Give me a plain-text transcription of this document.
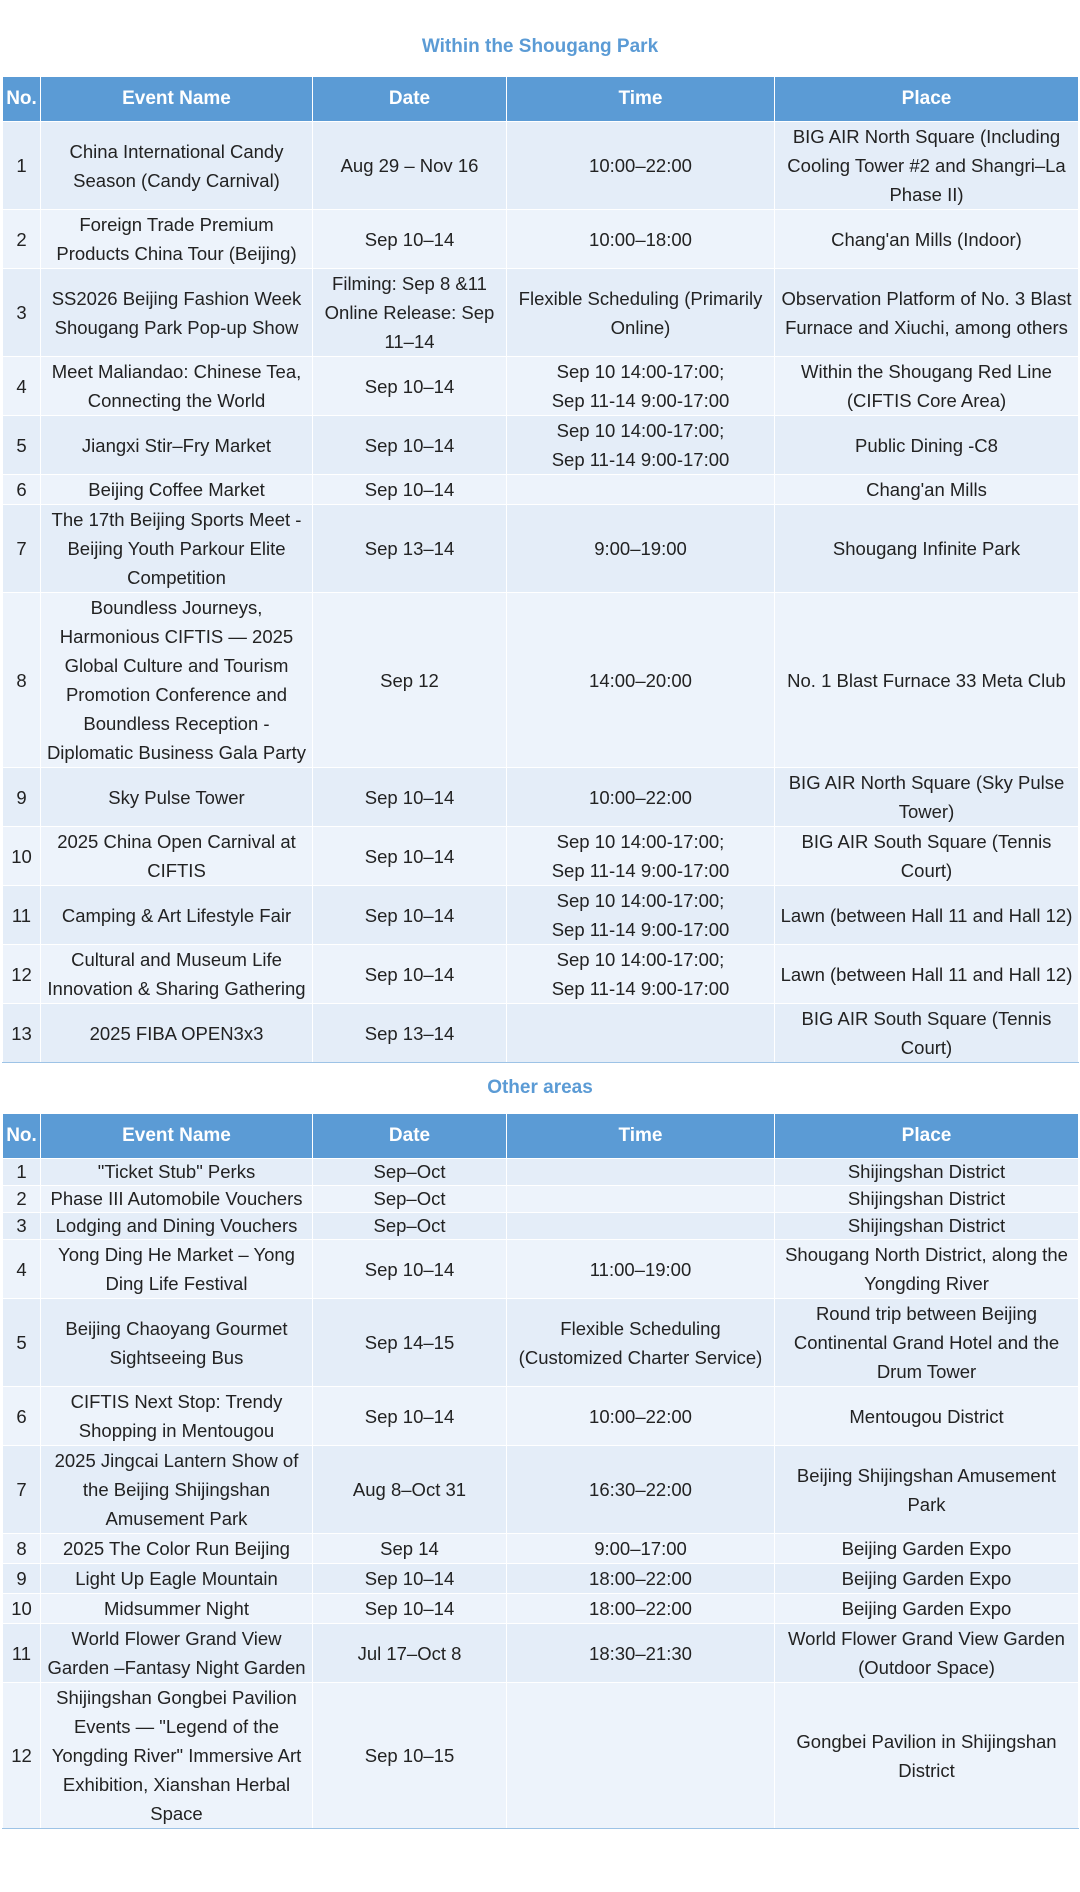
Within the Shougang Park
No.	Event Name	Date	Time	Place
1	China International Candy Season (Candy Carnival)	Aug 29 – Nov 16	10:00–22:00	BIG AIR North Square (Including Cooling Tower #2 and Shangri–La Phase II)
2	Foreign Trade Premium Products China Tour (Beijing)	Sep 10–14	10:00–18:00	Chang'an Mills (Indoor)
3	SS2026 Beijing Fashion Week Shougang Park Pop-up Show	Filming: Sep 8 &11 Online Release: Sep 11–14	Flexible Scheduling (Primarily Online)	Observation Platform of No. 3 Blast Furnace and Xiuchi, among others
4	Meet Maliandao: Chinese Tea, Connecting the World	Sep 10–14	Sep 10 14:00-17:00;
Sep 11-14 9:00-17:00	Within the Shougang Red Line (CIFTIS Core Area)
5	Jiangxi Stir–Fry Market	Sep 10–14	Sep 10 14:00-17:00;
Sep 11-14 9:00-17:00	Public Dining -C8
6	Beijing Coffee Market	Sep 10–14		Chang'an Mills
7	The 17th Beijing Sports Meet - Beijing Youth Parkour Elite Competition	Sep 13–14	9:00–19:00	Shougang Infinite Park
8	Boundless Journeys, Harmonious CIFTIS — 2025 Global Culture and Tourism Promotion Conference and Boundless Reception - Diplomatic Business Gala Party	Sep 12	14:00–20:00	No. 1 Blast Furnace 33 Meta Club
9	Sky Pulse Tower	Sep 10–14	10:00–22:00	BIG AIR North Square (Sky Pulse Tower)
10	2025 China Open Carnival at CIFTIS	Sep 10–14	Sep 10 14:00-17:00;
Sep 11-14 9:00-17:00	BIG AIR South Square (Tennis Court)
11	Camping & Art Lifestyle Fair	Sep 10–14	Sep 10 14:00-17:00;
Sep 11-14 9:00-17:00	Lawn (between Hall 11 and Hall 12)
12	Cultural and Museum Life Innovation & Sharing Gathering	Sep 10–14	Sep 10 14:00-17:00;
Sep 11-14 9:00-17:00	Lawn (between Hall 11 and Hall 12)
13	2025 FIBA OPEN3x3	Sep 13–14		BIG AIR South Square (Tennis Court)
Other areas
No.	Event Name	Date	Time	Place
1	"Ticket Stub" Perks	Sep–Oct		Shijingshan District
2	Phase III Automobile Vouchers	Sep–Oct		Shijingshan District
3	Lodging and Dining Vouchers	Sep–Oct		Shijingshan District
4	Yong Ding He Market – Yong Ding Life Festival	Sep 10–14	11:00–19:00	Shougang North District, along the Yongding River
5	Beijing Chaoyang Gourmet Sightseeing Bus	Sep 14–15	Flexible Scheduling (Customized Charter Service)	Round trip between Beijing Continental Grand Hotel and the Drum Tower
6	CIFTIS Next Stop: Trendy Shopping in Mentougou	Sep 10–14	10:00–22:00	Mentougou District
7	2025 Jingcai Lantern Show of the Beijing Shijingshan Amusement Park	Aug 8–Oct 31	16:30–22:00	Beijing Shijingshan Amusement Park
8	2025 The Color Run Beijing	Sep 14	9:00–17:00	Beijing Garden Expo
9	Light Up Eagle Mountain	Sep 10–14	18:00–22:00	Beijing Garden Expo
10	Midsummer Night	Sep 10–14	18:00–22:00	Beijing Garden Expo
11	World Flower Grand View Garden –Fantasy Night Garden	Jul 17–Oct 8	18:30–21:30	World Flower Grand View Garden (Outdoor Space)
12	Shijingshan Gongbei Pavilion Events — "Legend of the Yongding River" Immersive Art Exhibition, Xianshan Herbal Space	Sep 10–15		Gongbei Pavilion in Shijingshan District
